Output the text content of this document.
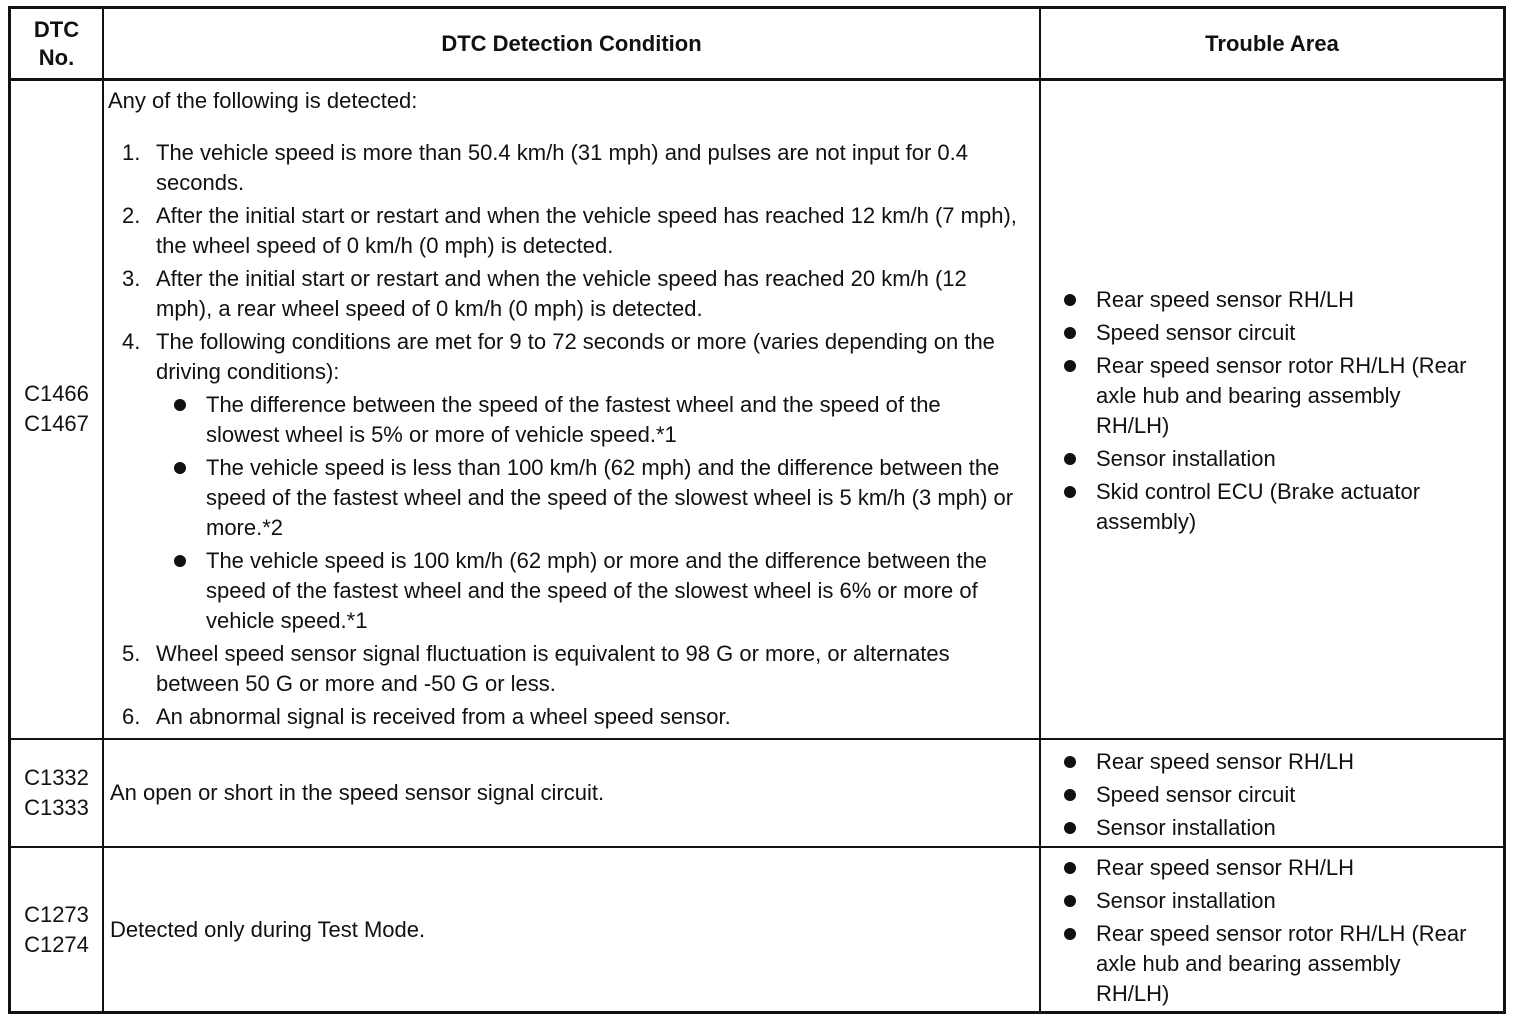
DTC
No.
DTC Detection Condition	Trouble Area
C1466
C1467
Any of the following is detected:
1. The vehicle speed is more than 50.4 km/h (31 mph) and pulses are not input for 0.4 seconds.
2. After the initial start or restart and when the vehicle speed has reached 12 km/h (7 mph), the wheel speed of 0 km/h (0 mph) is detected.
3. After the initial start or restart and when the vehicle speed has reached 20 km/h (12 mph), a rear wheel speed of 0 km/h (0 mph) is detected.
4. The following conditions are met for 9 to 72 seconds or more (varies depending on the driving conditions):
The difference between the speed of the fastest wheel and the speed of the slowest wheel is 5% or more of vehicle speed.*1
The vehicle speed is less than 100 km/h (62 mph) and the difference between the speed of the fastest wheel and the speed of the slowest wheel is 5 km/h (3 mph) or more.*2
The vehicle speed is 100 km/h (62 mph) or more and the difference between the speed of the fastest wheel and the speed of the slowest wheel is 6% or more of vehicle speed.*1
5. Wheel speed sensor signal fluctuation is equivalent to 98 G or more, or alternates between 50 G or more and -50 G or less.
6. An abnormal signal is received from a wheel speed sensor.
Rear speed sensor RH/LH
Speed sensor circuit
Rear speed sensor rotor RH/LH (Rear axle hub and bearing assembly RH/LH)
Sensor installation
Skid control ECU (Brake actuator assembly)
C1332
C1333
An open or short in the speed sensor signal circuit.
Rear speed sensor RH/LH
Speed sensor circuit
Sensor installation
C1273
C1274
Detected only during Test Mode.
Rear speed sensor RH/LH
Sensor installation
Rear speed sensor rotor RH/LH (Rear axle hub and bearing assembly RH/LH)
